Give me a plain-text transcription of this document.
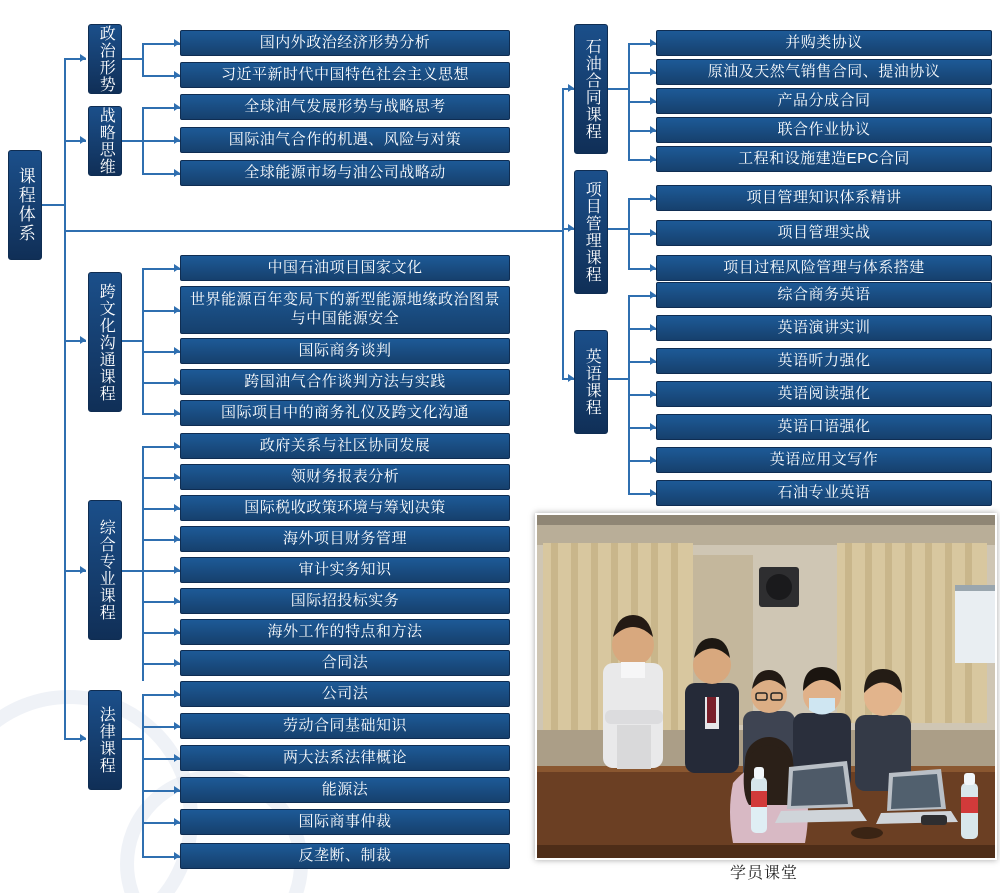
课程体系
政治形势	国内外政治经济形势分析
习近平新时代中国特色社会主义思想
战略思维
全球油气发展形势与战略思考
国际油气合作的机遇、风险与对策
全球能源市场与油公司战略动
跨文化沟通课程
中国石油项目国家文化
世界能源百年变局下的新型能源地缘政治图景与中国能源安全
国际商务谈判
跨国油气合作谈判方法与实践
国际项目中的商务礼仪及跨文化沟通
综合专业课程
政府关系与社区协同发展
领财务报表分析
国际税收政策环境与筹划决策
海外项目财务管理
审计实务知识
国际招投标实务
海外工作的特点和方法
合同法
法律课程
公司法
劳动合同基础知识
两大法系法律概论
能源法
国际商事仲裁
反垄断、制裁
石油合同课程	并购类协议
原油及天然气销售合同、提油协议
产品分成合同
联合作业协议
工程和设施建造EPC合同
项目管理课程	项目管理知识体系精讲
项目管理实战
项目过程风险管理与体系搭建
英语课程
综合商务英语
英语演讲实训
英语听力强化
英语阅读强化
英语口语强化
英语应用文写作
石油专业英语
学员课堂
